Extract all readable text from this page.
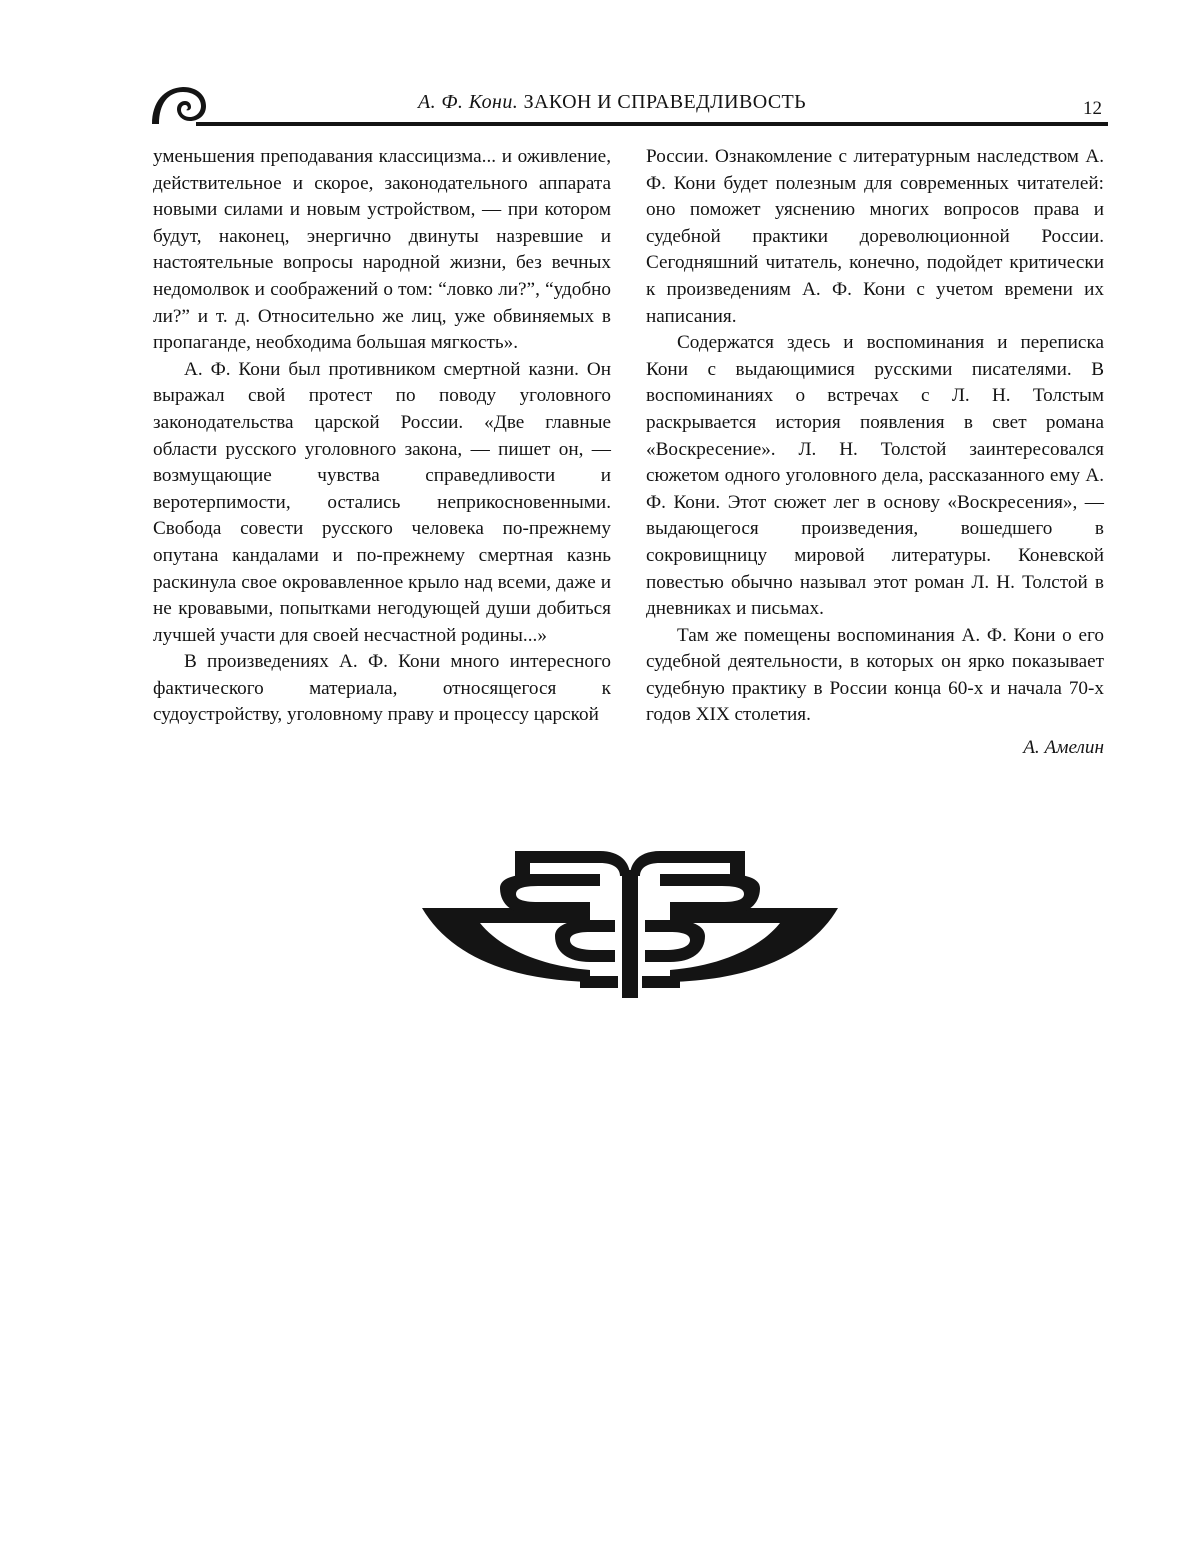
А. Ф. Кони. ЗАКОН И СПРАВЕДЛИВОСТЬ	12

уменьшения преподавания классицизма... и оживление, действительное и скорое, законодательного аппарата новыми силами и новым устройством, — при котором будут, наконец, энергично двинуты назревшие и настоятельные вопросы народной жизни, без вечных недомолвок и соображений о том: “ловко ли?”, “удобно ли?” и т. д. Относительно же лиц, уже обвиняемых в пропаганде, необходима большая мягкость».

А. Ф. Кони был противником смертной казни. Он выражал свой протест по поводу уголовного законодательства царской России. «Две главные области русского уголовного закона, — пишет он, — возмущающие чувства справедливости и веротерпимости, остались неприкосновенными. Свобода совести русского человека по-прежнему опутана кандалами и по-прежнему смертная казнь раскинула свое окровавленное крыло над всеми, даже и не кровавыми, попытками негодующей души добиться лучшей участи для своей несчастной родины...»

В произведениях А. Ф. Кони много интересного фактического материала, относящегося к судоустройству, уголовному праву и процессу царской

России. Ознакомление с литературным наследством А. Ф. Кони будет полезным для современных читателей: оно поможет уяснению многих вопросов права и судебной практики дореволюционной России. Сегодняшний читатель, конечно, подойдет критически к произведениям А. Ф. Кони с учетом времени их написания.

Содержатся здесь и воспоминания и переписка Кони с выдающимися русскими писателями. В воспоминаниях о встречах с Л. Н. Толстым раскрывается история появления в свет романа «Воскресение». Л. Н. Толстой заинтересовался сюжетом одного уголовного дела, рассказанного ему А. Ф. Кони. Этот сюжет лег в основу «Воскресения», — выдающегося произведения, вошедшего в сокровищницу мировой литературы. Коневской повестью обычно называл этот роман Л. Н. Толстой в дневниках и письмах.

Там же помещены воспоминания А. Ф. Кони о его судебной деятельности, в которых он ярко показывает судебную практику в России конца 60-х и начала 70-х годов XIX столетия.

А. Амелин
